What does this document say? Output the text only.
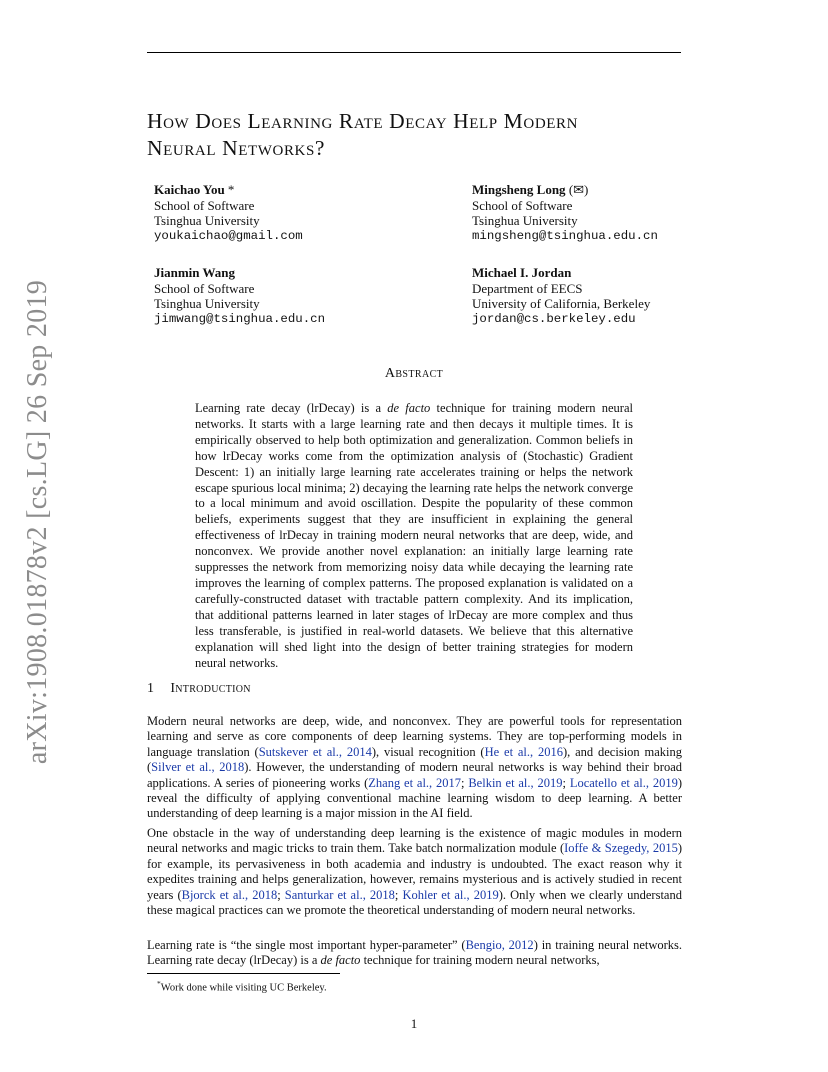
arXiv:1908.01878v2 [cs.LG] 26 Sep 2019
How Does Learning Rate Decay Help Modern
Neural Networks?
Kaichao You *
School of Software
Tsinghua University
youkaichao@gmail.com
Mingsheng Long (✉)
School of Software
Tsinghua University
mingsheng@tsinghua.edu.cn
Jianmin Wang
School of Software
Tsinghua University
jimwang@tsinghua.edu.cn
Michael I. Jordan
Department of EECS
University of California, Berkeley
jordan@cs.berkeley.edu
Abstract
Learning rate decay (lrDecay) is a de facto technique for training modern neural networks. It starts with a large learning rate and then decays it multiple times. It is empirically observed to help both optimization and generalization. Common beliefs in how lrDecay works come from the optimization analysis of (Stochastic) Gradient Descent: 1) an initially large learning rate accelerates training or helps the network escape spurious local minima; 2) decaying the learning rate helps the network converge to a local minimum and avoid oscillation. Despite the popularity of these common beliefs, experiments suggest that they are insufficient in explaining the general effectiveness of lrDecay in training modern neural networks that are deep, wide, and nonconvex. We provide another novel explanation: an initially large learning rate suppresses the network from memorizing noisy data while decaying the learning rate improves the learning of complex patterns. The proposed explanation is validated on a carefully-constructed dataset with tractable pattern complexity. And its implication, that additional patterns learned in later stages of lrDecay are more complex and thus less transferable, is justified in real-world datasets. We believe that this alternative explanation will shed light into the design of better training strategies for modern neural networks.
1 Introduction

Modern neural networks are deep, wide, and nonconvex. They are powerful tools for representation learning and serve as core components of deep learning systems. They are top-performing models in language translation (Sutskever et al., 2014), visual recognition (He et al., 2016), and decision making (Silver et al., 2018). However, the understanding of modern neural networks is way behind their broad applications. A series of pioneering works (Zhang et al., 2017; Belkin et al., 2019; Locatello et al., 2019) reveal the difficulty of applying conventional machine learning wisdom to deep learning. A better understanding of deep learning is a major mission in the AI field.

One obstacle in the way of understanding deep learning is the existence of magic modules in modern neural networks and magic tricks to train them. Take batch normalization module (Ioffe & Szegedy, 2015) for example, its pervasiveness in both academia and industry is undoubted. The exact reason why it expedites training and helps generalization, however, remains mysterious and is actively studied in recent years (Bjorck et al., 2018; Santurkar et al., 2018; Kohler et al., 2019). Only when we clearly understand these magical practices can we promote the theoretical understanding of modern neural networks.

Learning rate is “the single most important hyper-parameter” (Bengio, 2012) in training neural networks. Learning rate decay (lrDecay) is a de facto technique for training modern neural networks,

*Work done while visiting UC Berkeley.
1
